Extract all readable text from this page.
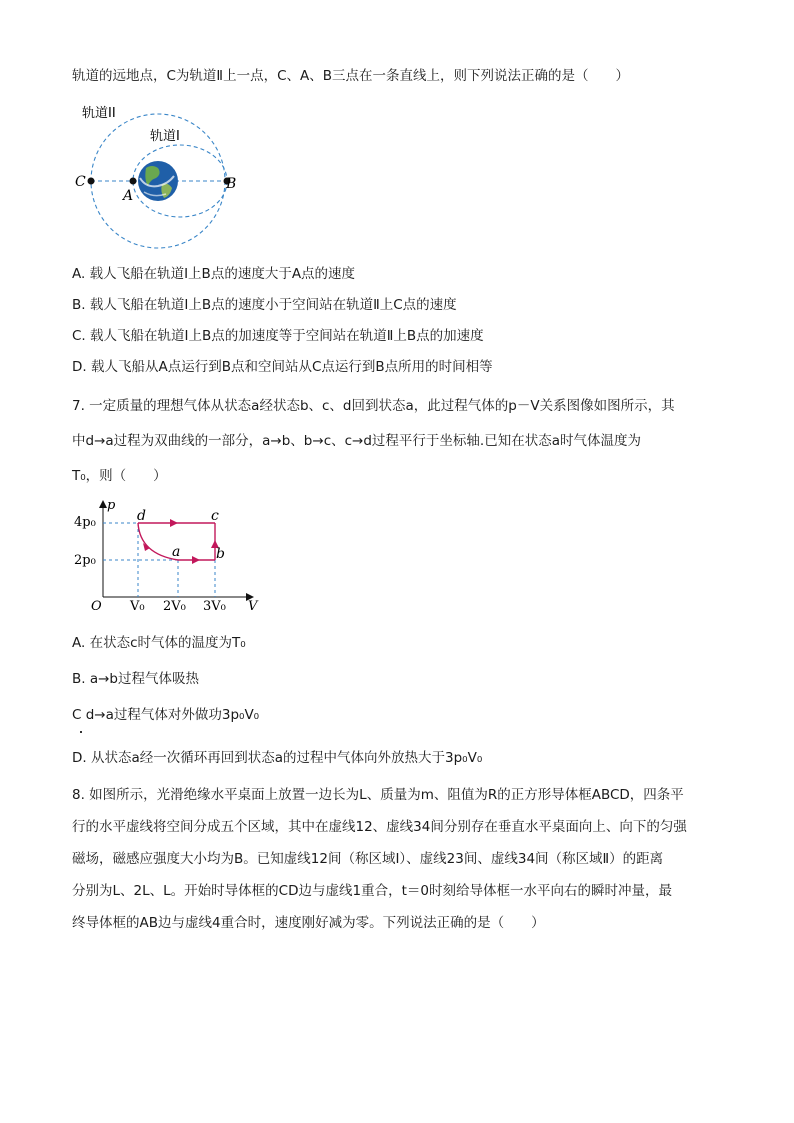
轨道的远地点，C为轨道Ⅱ上一点，C、A、B三点在一条直线上，则下列说法正确的是（　　）
轨道II
轨道I
C
A
B
A. 载人飞船在轨道Ⅰ上B点的速度大于A点的速度
B. 载人飞船在轨道Ⅰ上B点的速度小于空间站在轨道Ⅱ上C点的速度
C. 载人飞船在轨道Ⅰ上B点的加速度等于空间站在轨道Ⅱ上B点的加速度
D. 载人飞船从A点运行到B点和空间站从C点运行到B点所用的时间相等
7. 一定质量的理想气体从状态a经状态b、c、d回到状态a，此过程气体的p－V关系图像如图所示，其
中d→a过程为双曲线的一部分，a→b、b→c、c→d过程平行于坐标轴.已知在状态a时气体温度为
T₀，则（　　）
p
V
O
4p₀
2p₀
V₀ 2V₀ 3V₀
d	c
a	b
A. 在状态c时气体的温度为T₀
B. a→b过程气体吸热
C d→a过程气体对外做功3p₀V₀
D. 从状态a经一次循环再回到状态a的过程中气体向外放热大于3p₀V₀
8. 如图所示，光滑绝缘水平桌面上放置一边长为L、质量为m、阻值为R的正方形导体框ABCD，四条平
行的水平虚线将空间分成五个区域，其中在虚线12、虚线34间分别存在垂直水平桌面向上、向下的匀强
磁场，磁感应强度大小均为B。已知虚线12间（称区域Ⅰ）、虚线23间、虚线34间（称区域Ⅱ）的距离
分别为L、2L、L。开始时导体框的CD边与虚线1重合，t＝0时刻给导体框一水平向右的瞬时冲量，最
终导体框的AB边与虚线4重合时，速度刚好减为零。下列说法正确的是（　　）
